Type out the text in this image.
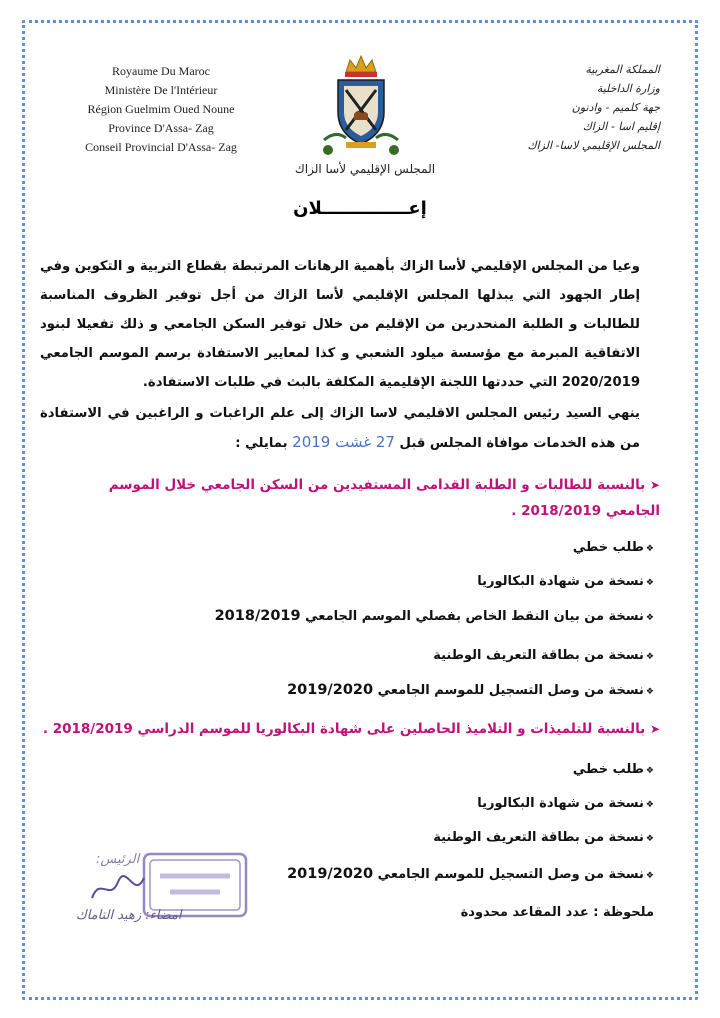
Royaume Du Maroc
Ministère De l'Intérieur
Région Guelmim Oued Noune
Province D'Assa- Zag
Conseil Provincial D'Assa- Zag
المجلس الإقليمي لأسا الزاك
المملكة المغربية
وزارة الداخلية
جهة كلميم - وادنون
إقليم اسا - الزاك
المجلس الإقليمي لاسا- الزاك
إعــــــــــــــلان

وعيا من المجلس الإقليمي لأسا الزاك بأهمية الرهانات المرتبطة بقطاع التربية و التكوين وفي إطار الجهود التي يبذلها المجلس الإقليمي لأسا الزاك من أجل توفير الظروف المناسبة للطالبات و الطلبة المنحدرين من الإقليم من خلال توفير السكن الجامعي و ذلك تفعيلا لبنود الاتفاقية المبرمة مع مؤسسة ميلود الشعبي و كذا لمعايير الاستفادة برسم الموسم الجامعي 2020/2019 التي حددتها اللجنة الإقليمية المكلفة بالبث في طلبات الاستفادة.

ينهي السيد رئيس المجلس الاقليمي لاسا الزاك إلى علم الراغبات و الراغبين في الاستفادة من هذه الخدمات موافاة المجلس قبل 27 غشت 2019 بمايلي :

➤ بالنسبة للطالبات و الطلبة القدامى المستفيدين من السكن الجامعي خلال الموسم الجامعي 2018/2019 .
❖طلب خطي
❖نسخة من شهادة البكالوريا
❖نسخة من بيان النقط الخاص بفصلي الموسم الجامعي 2018/2019
❖نسخة من بطاقة التعريف الوطنية
❖نسخة من وصل التسجيل للموسم الجامعي 2019/2020
➤ بالنسبة للتلميذات و التلاميذ الحاصلين على شهادة البكالوريا للموسم الدراسي 2018/2019 .
❖طلب خطي
❖نسخة من شهادة البكالوريا
❖نسخة من بطاقة التعريف الوطنية
❖نسخة من وصل التسجيل للموسم الجامعي 2019/2020
ملحوظة : عدد المقاعد محدودة
الرئيس:
امضاء: زهيد التاماك
